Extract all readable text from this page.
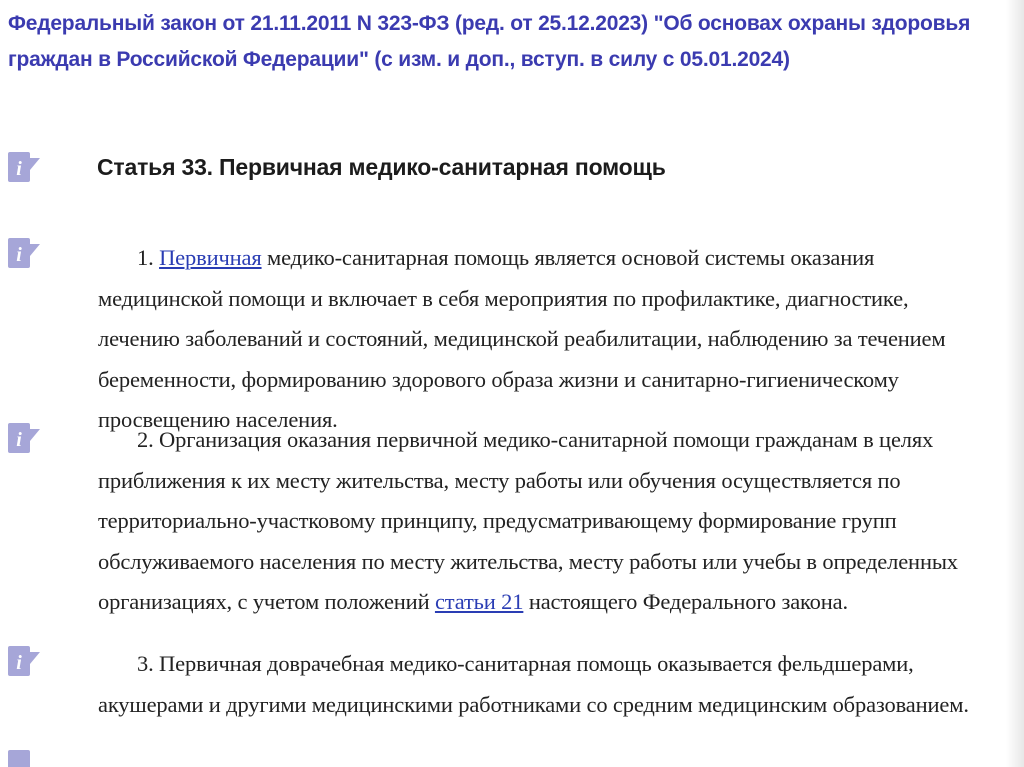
Федеральный закон от 21.11.2011 N 323-ФЗ (ред. от 25.12.2023) "Об основах охраны здоровья граждан в Российской Федерации" (с изм. и доп., вступ. в силу с 05.01.2024)
i
i
i
i
Статья 33. Первичная медико-санитарная помощь

1. Первичная медико-санитарная помощь является основой системы оказания медицинской помощи и включает в себя мероприятия по профилактике, диагностике, лечению заболеваний и состояний, медицинской реабилитации, наблюдению за течением беременности, формированию здорового образа жизни и санитарно-гигиеническому просвещению населения.

2. Организация оказания первичной медико-санитарной помощи гражданам в целях приближения к их месту жительства, месту работы или обучения осуществляется по территориально-участковому принципу, предусматривающему формирование групп обслуживаемого населения по месту жительства, месту работы или учебы в определенных организациях, с учетом положений статьи 21 настоящего Федерального закона.

3. Первичная доврачебная медико-санитарная помощь оказывается фельдшерами, акушерами и другими медицинскими работниками со средним медицинским образованием.
